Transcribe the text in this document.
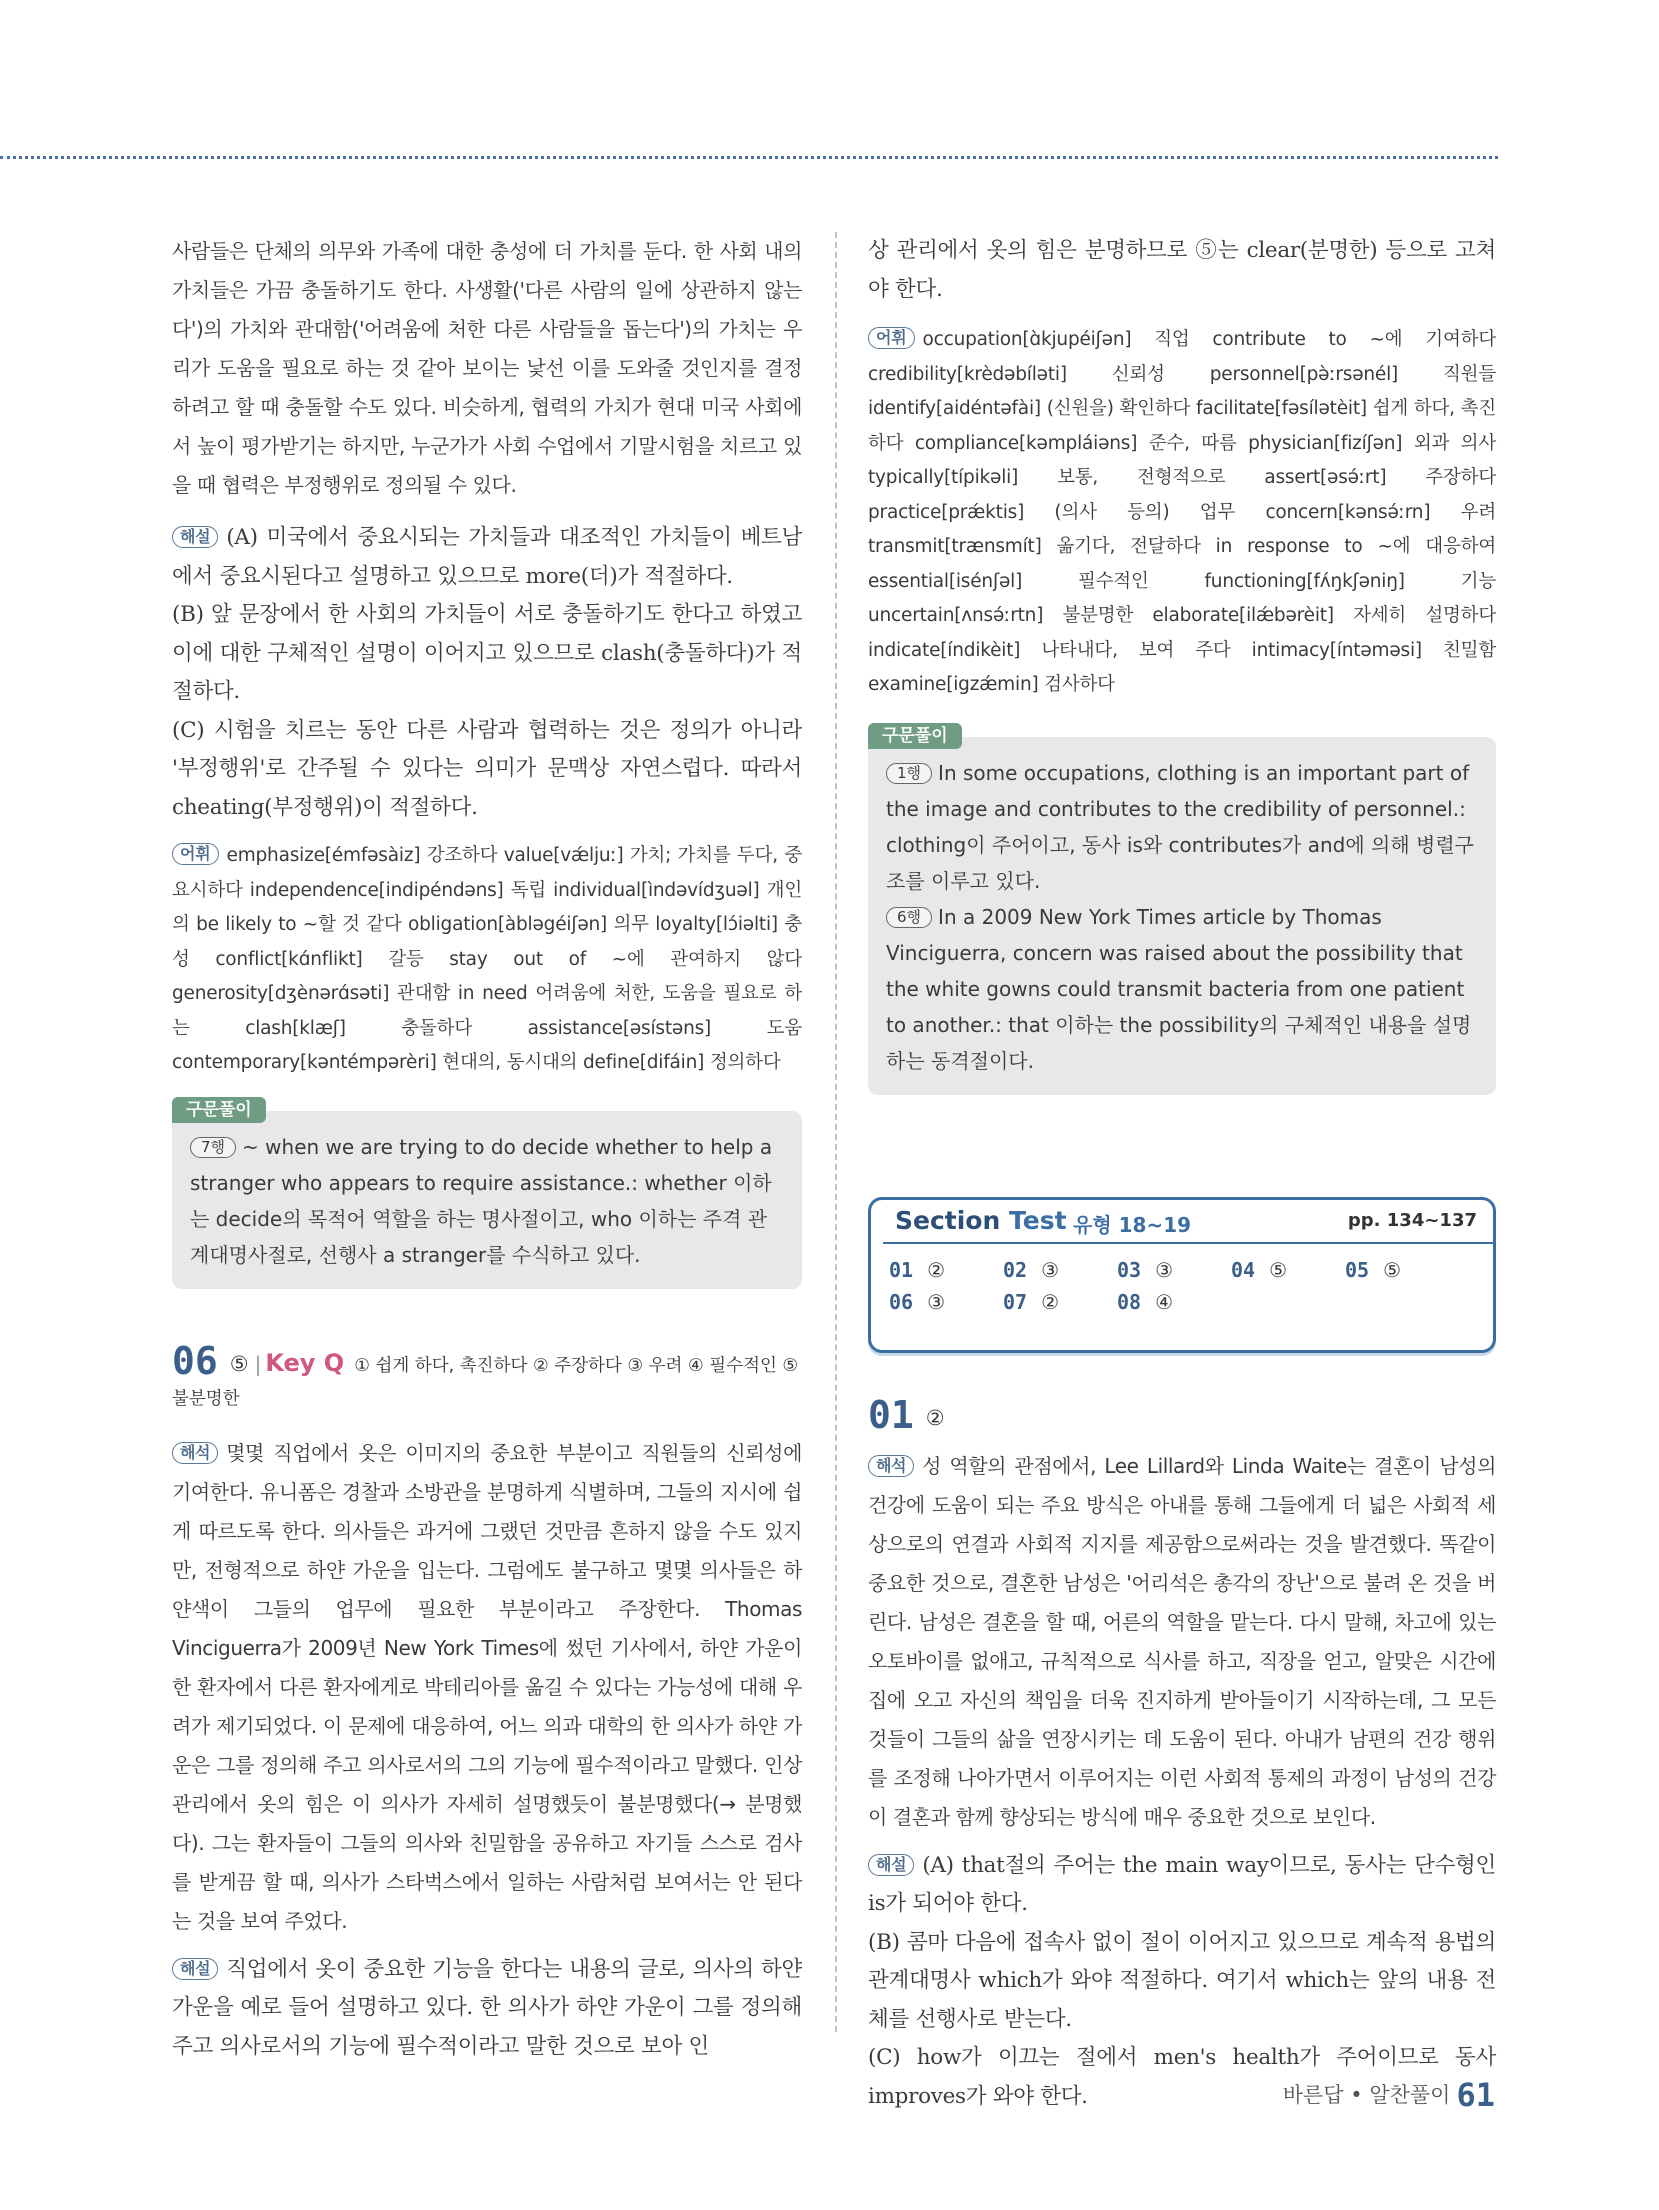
사람들은 단체의 의무와 가족에 대한 충성에 더 가치를 둔다. 한 사회 내의 가치들은 가끔 충돌하기도 한다. 사생활('다른 사람의 일에 상관하지 않는 다')의 가치와 관대함('어려움에 처한 다른 사람들을 돕는다')의 가치는 우리가 도움을 필요로 하는 것 같아 보이는 낯선 이를 도와줄 것인지를 결정하려고 할 때 충돌할 수도 있다. 비슷하게, 협력의 가치가 현대 미국 사회에서 높이 평가받기는 하지만, 누군가가 사회 수업에서 기말시험을 치르고 있을 때 협력은 부정행위로 정의될 수 있다.

해설 (A) 미국에서 중요시되는 가치들과 대조적인 가치들이 베트남에서 중요시된다고 설명하고 있으므로 more(더)가 적절하다.

(B) 앞 문장에서 한 사회의 가치들이 서로 충돌하기도 한다고 하였고 이에 대한 구체적인 설명이 이어지고 있으므로 clash(충돌하다)가 적절하다.

(C) 시험을 치르는 동안 다른 사람과 협력하는 것은 정의가 아니라 '부정행위'로 간주될 수 있다는 의미가 문맥상 자연스럽다. 따라서 cheating(부정행위)이 적절하다.

어휘 emphasize[émfəsàiz] 강조하다 value[vǽljuː] 가치; 가치를 두다, 중요시하다 independence[indipéndəns] 독립 individual[ìndəvídʒuəl] 개인의 be likely to ~할 것 같다 obligation[àbləgéiʃən] 의무 loyalty[lɔ́iəlti] 충성 conflict[kɑ́nflikt] 갈등 stay out of ~에 관여하지 않다 generosity[dʒènərɑ́səti] 관대함 in need 어려움에 처한, 도움을 필요로 하는 clash[klæʃ] 충돌하다 assistance[əsístəns] 도움 contemporary[kəntémpərèri] 현대의, 동시대의 define[difáin] 정의하다

구문풀이

7행 ~ when we are trying to do decide whether to help a stranger who appears to require assistance.: whether 이하는 decide의 목적어 역할을 하는 명사절이고, who 이하는 주격 관계대명사절로, 선행사 a stranger를 수식하고 있다.

06 ⑤ | Key Q ① 쉽게 하다, 촉진하다 ② 주장하다 ③ 우려 ④ 필수적인 ⑤ 불분명한

해석 몇몇 직업에서 옷은 이미지의 중요한 부분이고 직원들의 신뢰성에 기여한다. 유니폼은 경찰과 소방관을 분명하게 식별하며, 그들의 지시에 쉽게 따르도록 한다. 의사들은 과거에 그랬던 것만큼 흔하지 않을 수도 있지만, 전형적으로 하얀 가운을 입는다. 그럼에도 불구하고 몇몇 의사들은 하얀색이 그들의 업무에 필요한 부분이라고 주장한다. Thomas Vinciguerra가 2009년 New York Times에 썼던 기사에서, 하얀 가운이 한 환자에서 다른 환자에게로 박테리아를 옮길 수 있다는 가능성에 대해 우려가 제기되었다. 이 문제에 대응하여, 어느 의과 대학의 한 의사가 하얀 가운은 그를 정의해 주고 의사로서의 그의 기능에 필수적이라고 말했다. 인상 관리에서 옷의 힘은 이 의사가 자세히 설명했듯이 불분명했다(→ 분명했다). 그는 환자들이 그들의 의사와 친밀함을 공유하고 자기들 스스로 검사를 받게끔 할 때, 의사가 스타벅스에서 일하는 사람처럼 보여서는 안 된다는 것을 보여 주었다.

해설 직업에서 옷이 중요한 기능을 한다는 내용의 글로, 의사의 하얀 가운을 예로 들어 설명하고 있다. 한 의사가 하얀 가운이 그를 정의해 주고 의사로서의 기능에 필수적이라고 말한 것으로 보아 인

상 관리에서 옷의 힘은 분명하므로 ⑤는 clear(분명한) 등으로 고쳐야 한다.

어휘 occupation[ɑ̀kjupéiʃən] 직업 contribute to ~에 기여하다 credibility[krèdəbíləti] 신뢰성 personnel[pə̀ːrsənél] 직원들 identify[aidéntəfài] (신원을) 확인하다 facilitate[fəsílətèit] 쉽게 하다, 촉진하다 compliance[kəmpláiəns] 준수, 따름 physician[fizíʃən] 외과 의사 typically[típikəli] 보통, 전형적으로 assert[əsə́ːrt] 주장하다 practice[prǽktis] (의사 등의) 업무 concern[kənsə́ːrn] 우려 transmit[trænsmít] 옮기다, 전달하다 in response to ~에 대응하여 essential[isénʃəl] 필수적인 functioning[fʌ́ŋkʃəniŋ] 기능 uncertain[ʌnsə́ːrtn] 불분명한 elaborate[ilǽbərèit] 자세히 설명하다 indicate[índikèit] 나타내다, 보여 주다 intimacy[íntəməsi] 친밀함 examine[igzǽmin] 검사하다

구문풀이

1행 In some occupations, clothing is an important part of the image and contributes to the credibility of personnel.: clothing이 주어이고, 동사 is와 contributes가 and에 의해 병렬구조를 이루고 있다.

6행 In a 2009 New York Times article by Thomas Vinciguerra, concern was raised about the possibility that the white gowns could transmit bacteria from one patient to another.: that 이하는 the possibility의 구체적인 내용을 설명하는 동격절이다.

Section Test 유형 18~19	pp. 134~137
01 ②	02 ③	03 ③	04 ⑤	05 ⑤
06 ③	07 ②	08 ④

01 ②

해석 성 역할의 관점에서, Lee Lillard와 Linda Waite는 결혼이 남성의 건강에 도움이 되는 주요 방식은 아내를 통해 그들에게 더 넓은 사회적 세상으로의 연결과 사회적 지지를 제공함으로써라는 것을 발견했다. 똑같이 중요한 것으로, 결혼한 남성은 '어리석은 총각의 장난'으로 불려 온 것을 버린다. 남성은 결혼을 할 때, 어른의 역할을 맡는다. 다시 말해, 차고에 있는 오토바이를 없애고, 규칙적으로 식사를 하고, 직장을 얻고, 알맞은 시간에 집에 오고 자신의 책임을 더욱 진지하게 받아들이기 시작하는데, 그 모든 것들이 그들의 삶을 연장시키는 데 도움이 된다. 아내가 남편의 건강 행위를 조정해 나아가면서 이루어지는 이런 사회적 통제의 과정이 남성의 건강이 결혼과 함께 향상되는 방식에 매우 중요한 것으로 보인다.

해설 (A) that절의 주어는 the main way이므로, 동사는 단수형인 is가 되어야 한다.

(B) 콤마 다음에 접속사 없이 절이 이어지고 있으므로 계속적 용법의 관계대명사 which가 와야 적절하다. 여기서 which는 앞의 내용 전체를 선행사로 받는다.

(C) how가 이끄는 절에서 men's health가 주어이므로 동사 improves가 와야 한다.	바른답 • 알찬풀이 61
